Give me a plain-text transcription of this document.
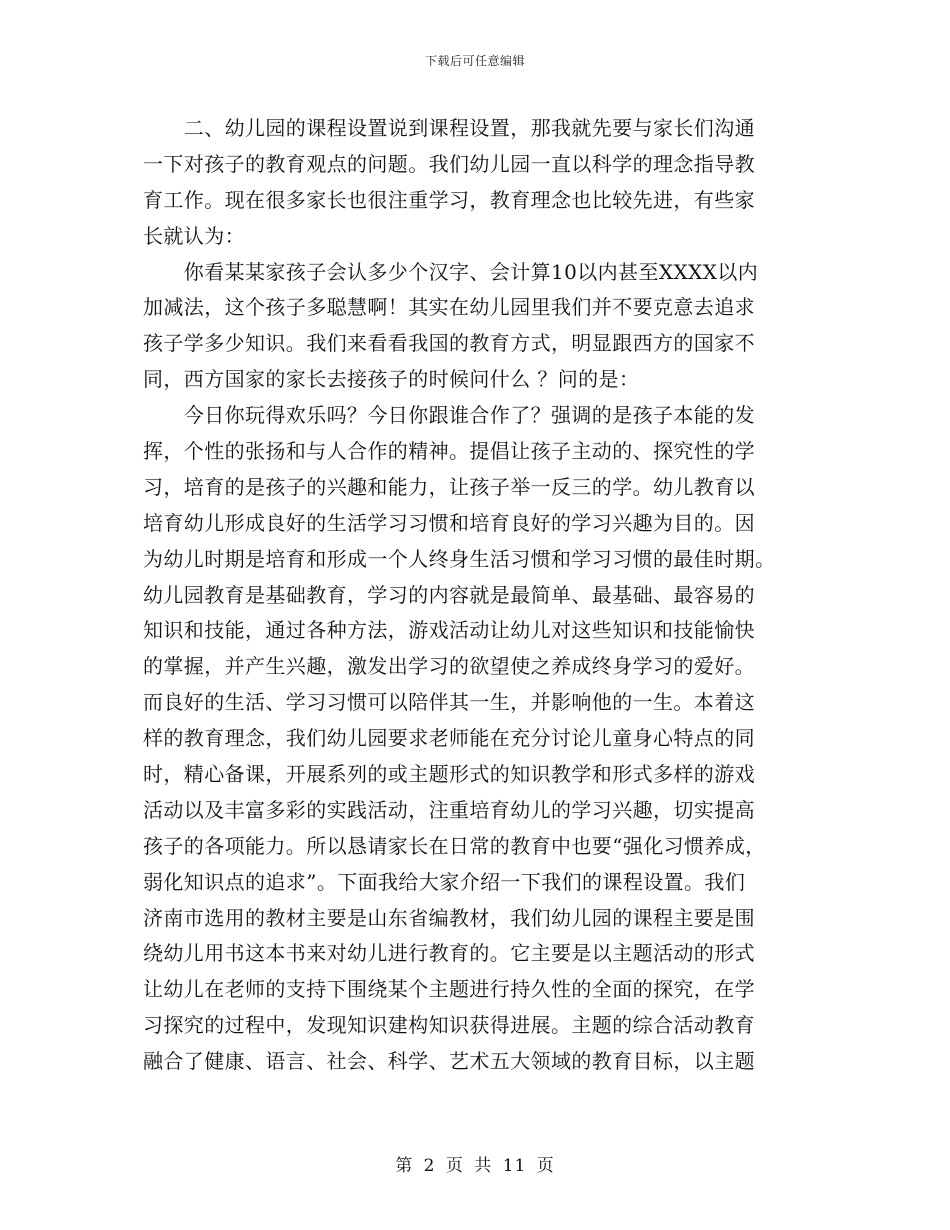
下载后可任意编辑
　　二、幼儿园的课程设置说到课程设置，那我就先要与家长们沟通
一下对孩子的教育观点的问题。我们幼儿园一直以科学的理念指导教
育工作。现在很多家长也很注重学习，教育理念也比较先进，有些家
长就认为：
　　你看某某家孩子会认多少个汉字、会计算10以内甚至XXXX以内
加减法，这个孩子多聪慧啊！其实在幼儿园里我们并不要克意去追求
孩子学多少知识。我们来看看我国的教育方式，明显跟西方的国家不
同，西方国家的家长去接孩子的时候问什么 ？问的是：
　　今日你玩得欢乐吗？今日你跟谁合作了？强调的是孩子本能的发
挥，个性的张扬和与人合作的精神。提倡让孩子主动的、探究性的学
习，培育的是孩子的兴趣和能力，让孩子举一反三的学。幼儿教育以
培育幼儿形成良好的生活学习习惯和培育良好的学习兴趣为目的。因
为幼儿时期是培育和形成一个人终身生活习惯和学习习惯的最佳时期。
幼儿园教育是基础教育，学习的内容就是最简单、最基础、最容易的
知识和技能，通过各种方法，游戏活动让幼儿对这些知识和技能愉快
的掌握，并产生兴趣，激发出学习的欲望使之养成终身学习的爱好。
而良好的生活、学习习惯可以陪伴其一生，并影响他的一生。本着这
样的教育理念，我们幼儿园要求老师能在充分讨论儿童身心特点的同
时，精心备课，开展系列的或主题形式的知识教学和形式多样的游戏
活动以及丰富多彩的实践活动，注重培育幼儿的学习兴趣，切实提高
孩子的各项能力。所以恳请家长在日常的教育中也要“强化习惯养成，
弱化知识点的追求”。下面我给大家介绍一下我们的课程设置。我们
济南市选用的教材主要是山东省编教材，我们幼儿园的课程主要是围
绕幼儿用书这本书来对幼儿进行教育的。它主要是以主题活动的形式
让幼儿在老师的支持下围绕某个主题进行持久性的全面的探究，在学
习探究的过程中，发现知识建构知识获得进展。主题的综合活动教育
融合了健康、语言、社会、科学、艺术五大领域的教育目标，以主题
第 2 页 共 11 页
